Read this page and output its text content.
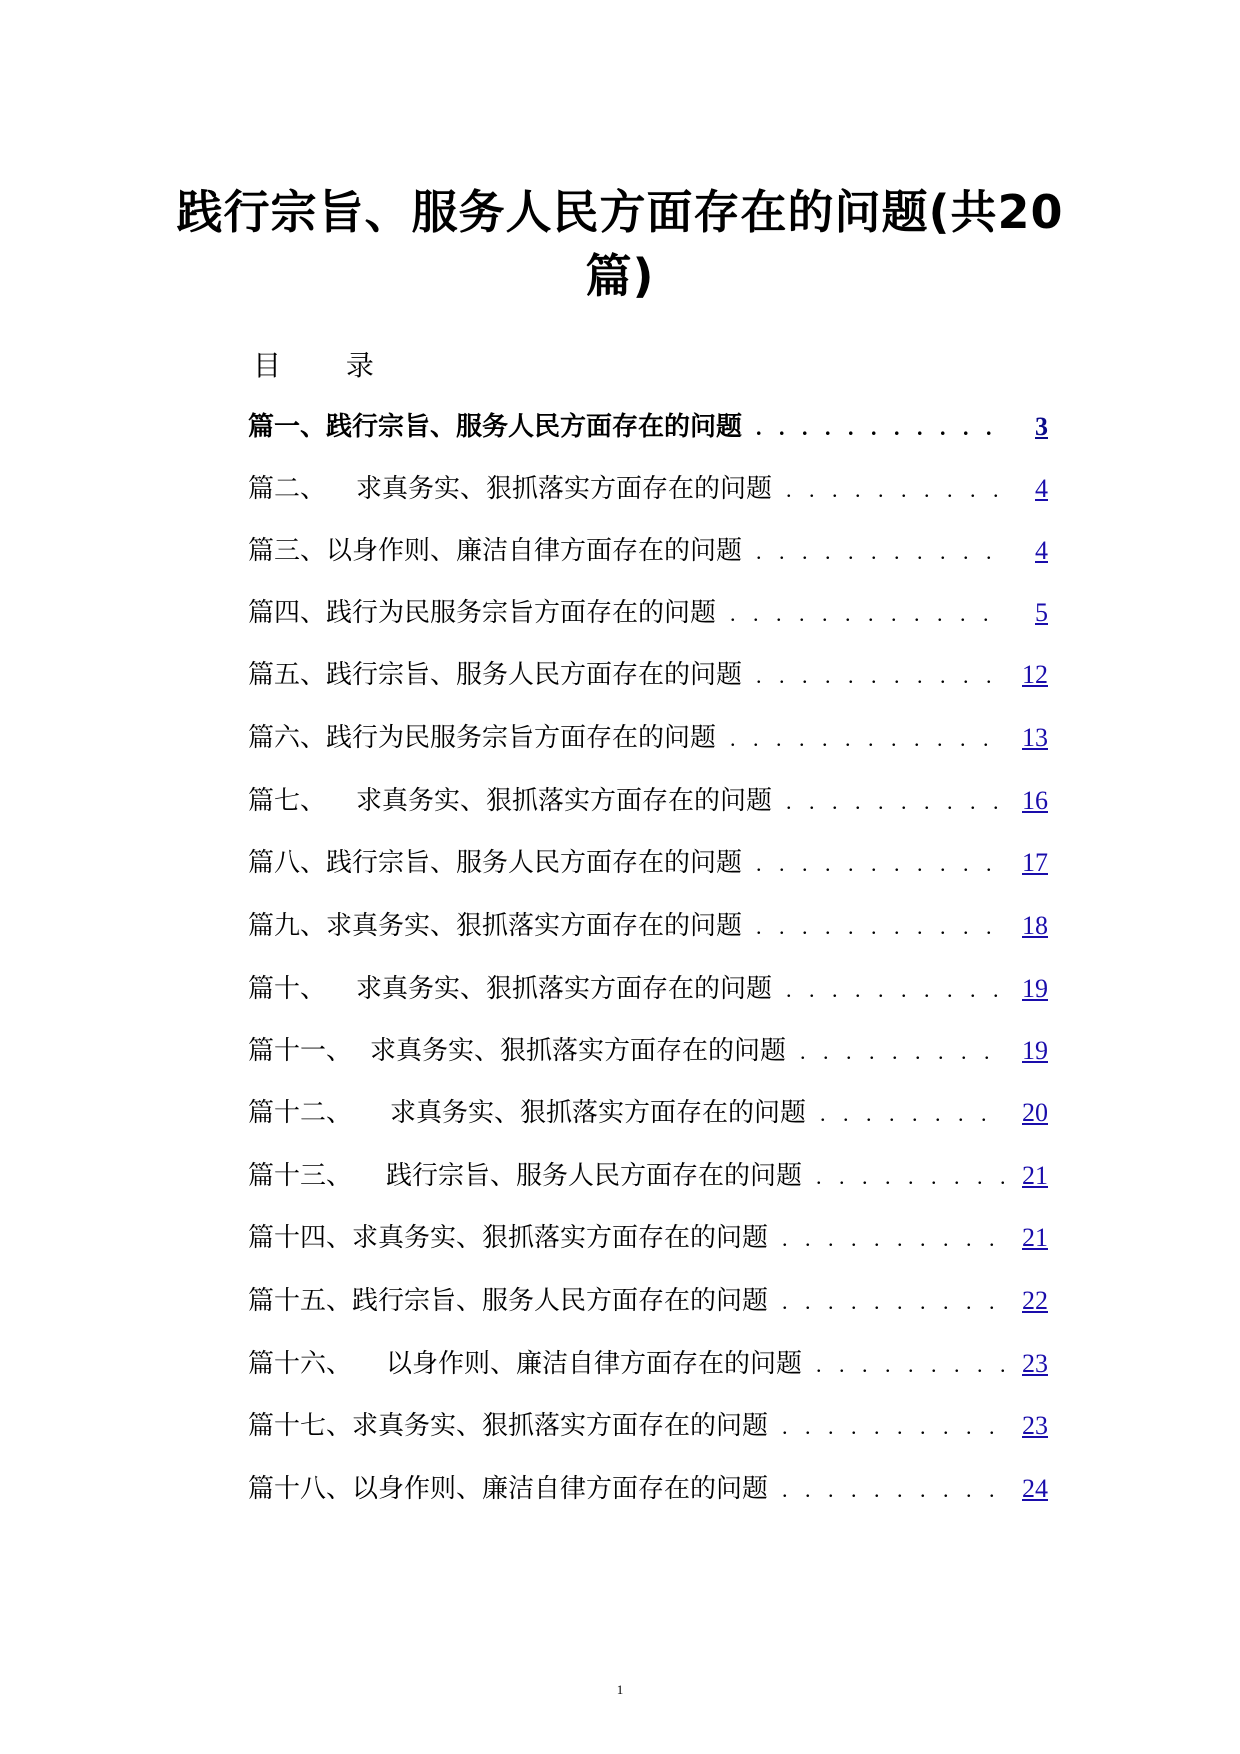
践行宗旨、服务人民方面存在的问题(共20篇)
目 录
篇一、 践行宗旨、服务人民方面存在的问题 . . .	3
篇二、 求真务实、狠抓落实方面存在的问题 . . .	4
篇三、 以身作则、廉洁自律方面存在的问题 . . .	4
篇四、 践行为民服务宗旨方面存在的问题 . . .	5
篇五、 践行宗旨、服务人民方面存在的问题 . . .	12
篇六、 践行为民服务宗旨方面存在的问题 . . .	13
篇七、 求真务实、狠抓落实方面存在的问题 . . .	16
篇八、 践行宗旨、服务人民方面存在的问题 . . .	17
篇九、 求真务实、狠抓落实方面存在的问题 . . .	18
篇十、 求真务实、狠抓落实方面存在的问题 . . .	19
篇十一、 求真务实、狠抓落实方面存在的问题 . . .	19
篇十二、 求真务实、狠抓落实方面存在的问题 . . .	20
篇十三、 践行宗旨、服务人民方面存在的问题 . . .	21
篇十四、 求真务实、狠抓落实方面存在的问题 . . .	21
篇十五、 践行宗旨、服务人民方面存在的问题 . . .	22
篇十六、 以身作则、廉洁自律方面存在的问题 . . .	23
篇十七、 求真务实、狠抓落实方面存在的问题 . . .	23
篇十八、 以身作则、廉洁自律方面存在的问题 . . .	24
1
